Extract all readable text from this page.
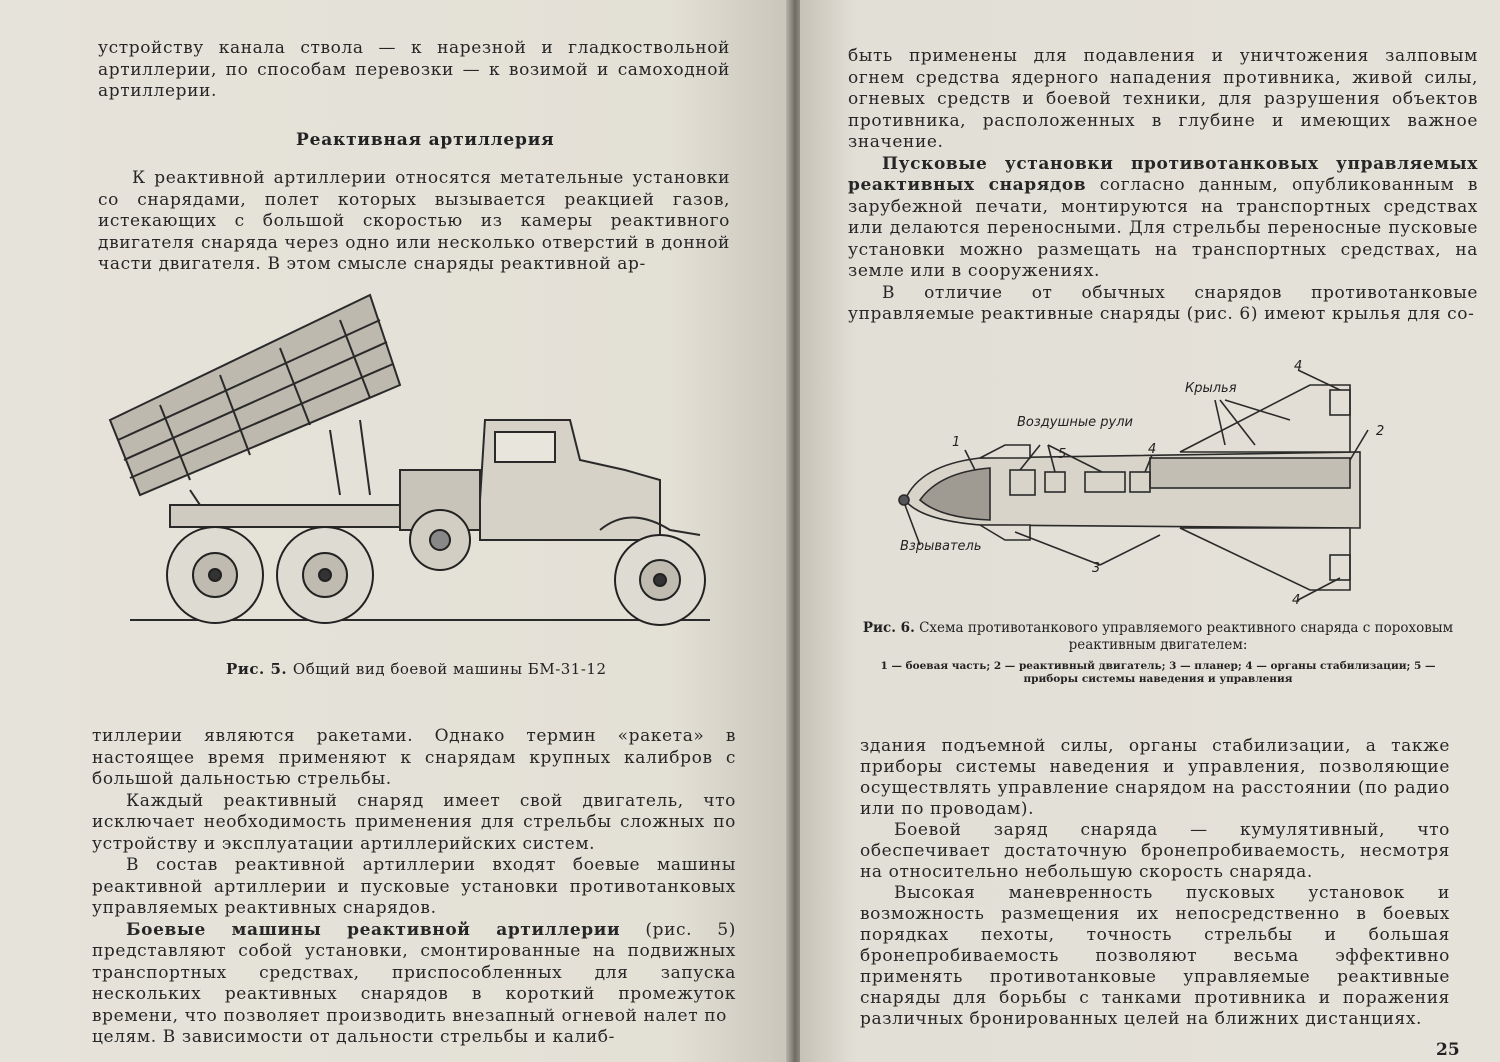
устройству канала ствола — к нарезной и гладкоствольной артиллерии, по способам перевозки — к возимой и самоходной артиллерии.

Реактивная артиллерия

К реактивной артиллерии относятся метательные установки со снарядами, полет которых вызывается реакцией газов, истекающих с большой скоростью из камеры реактивного двигателя снаряда через одно или несколько отверстий в донной части двигателя. В этом смысле снаряды реактивной ар-

Рис. 5. Общий вид боевой машины БМ-31-12

тиллерии являются ракетами. Однако термин «ракета» в настоящее время применяют к снарядам крупных калибров с большой дальностью стрельбы.

Каждый реактивный снаряд имеет свой двигатель, что исключает необходимость применения для стрельбы сложных по устройству и эксплуатации артиллерийских систем.

В состав реактивной артиллерии входят боевые машины реактивной артиллерии и пусковые установки противотанковых управляемых реактивных снарядов.

Боевые машины реактивной артиллерии (рис. 5) представляют собой установки, смонтированные на подвижных транспортных средствах, приспособленных для запуска нескольких реактивных снарядов в короткий промежуток времени, что позволяет производить внезапный огневой налет по

целям. В зависимости от дальности стрельбы и калиб-

быть применены для подавления и уничтожения залповым огнем средства ядерного нападения противника, живой силы, огневых средств и боевой техники, для разрушения объектов противника, расположенных в глубине и имеющих важное значение.

Пусковые установки противотанковых управляемых реактивных снарядов согласно данным, опубликованным в зарубежной печати, монтируются на транспортных средствах или делаются переносными. Для стрельбы переносные пусковые установки можно размещать на транспортных средствах, на земле или в сооружениях.

В отличие от обычных снарядов противотанковые управляемые реактивные снаряды (рис. 6) имеют крылья для со-

Крылья
Воздушные рули
Взрыватель
1
2
3
4
4
4
5
Рис. 6. Схема противотанкового управляемого реактивного снаряда с пороховым реактивным двигателем:
1 — боевая часть; 2 — реактивный двигатель; 3 — планер; 4 — органы стабилизации; 5 — приборы системы наведения и управления

здания подъемной силы, органы стабилизации, а также приборы системы наведения и управления, позволяющие осуществлять управление снарядом на расстоянии (по радио или по проводам).

Боевой заряд снаряда — кумулятивный, что обеспечивает достаточную бронепробиваемость, несмотря на относительно небольшую скорость снаряда.

Высокая маневренность пусковых установок и возможность размещения их непосредственно в боевых порядках пехоты, точность стрельбы и большая бронепробиваемость позволяют весьма эффективно применять противотанковые управляемые реактивные снаряды для борьбы с танками противника и поражения различных бронированных целей на ближних дистанциях.

25
